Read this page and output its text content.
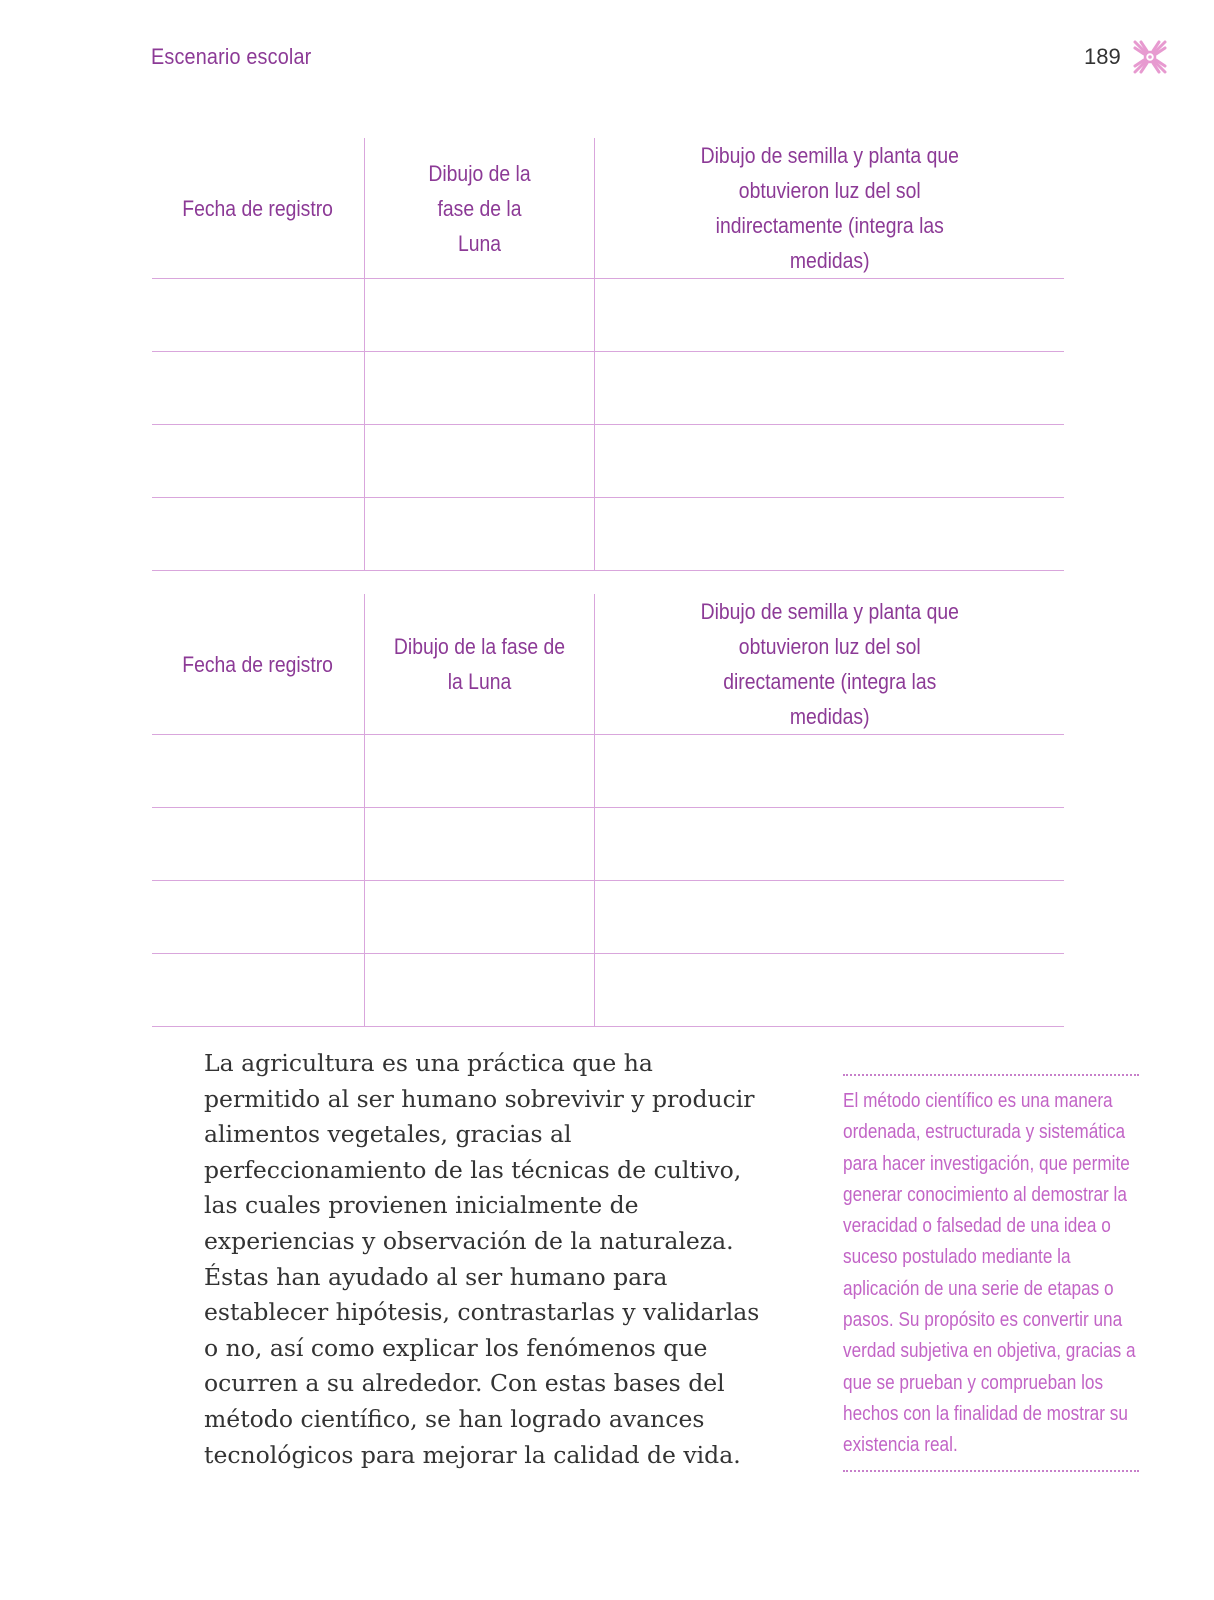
Escenario escolar	189
Fecha de registro	Dibujo de la fase de la Luna	Dibujo de semilla y planta que obtuvieron luz del sol indirectamente (integra las medidas)

Fecha de registro	Dibujo de la fase de la Luna	Dibujo de semilla y planta que obtuvieron luz del sol directamente (integra las medidas)

La agricultura es una práctica que ha permitido al ser humano sobrevivir y producir alimentos vegetales, gracias al perfeccionamiento de las técnicas de cultivo, las cuales provienen inicialmente de experiencias y observación de la naturaleza. Éstas han ayudado al ser humano para establecer hipótesis, contrastarlas y validarlas o no, así como explicar los fenómenos que ocurren a su alrededor. Con estas bases del método científico, se han logrado avances tecnológicos para mejorar la calidad de vida.

El método científico es una manera ordenada, estructurada y sistemática para hacer investigación, que permite generar conocimiento al demostrar la veracidad o falsedad de una idea o suceso postulado mediante la aplicación de una serie de etapas o pasos. Su propósito es convertir una verdad subjetiva en objetiva, gracias a que se prueban y comprueban los hechos con la finalidad de mostrar su existencia real.
